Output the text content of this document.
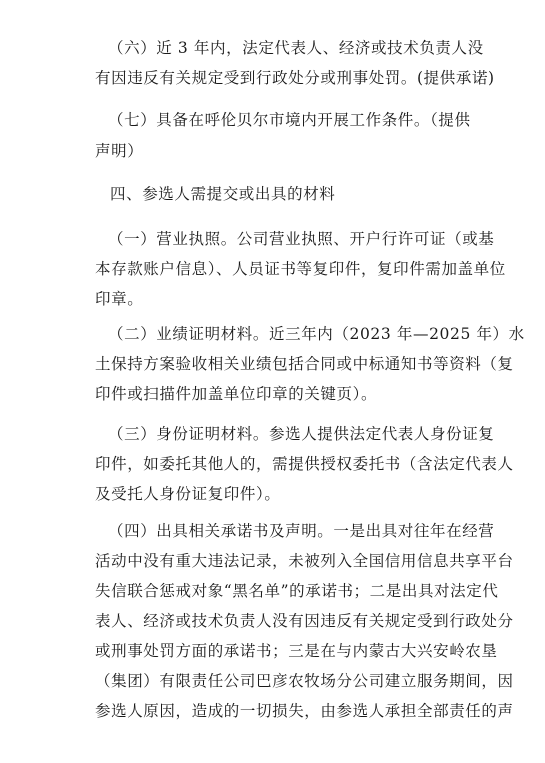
（六）近 3 年内，法定代表人、经济或技术负责人没
有因违反有关规定受到行政处分或刑事处罚。(提供承诺)
（七）具备在呼伦贝尔市境内开展工作条件。（提供
声明）
四、参选人需提交或出具的材料
（一）营业执照。公司营业执照、开户行许可证（或基
本存款账户信息）、人员证书等复印件，复印件需加盖单位
印章。
（二）业绩证明材料。近三年内（2023 年—2025 年）水
土保持方案验收相关业绩包括合同或中标通知书等资料（复
印件或扫描件加盖单位印章的关键页）。
（三）身份证明材料。参选人提供法定代表人身份证复
印件，如委托其他人的，需提供授权委托书（含法定代表人
及受托人身份证复印件）。
（四）出具相关承诺书及声明。一是出具对往年在经营
活动中没有重大违法记录，未被列入全国信用信息共享平台
失信联合惩戒对象“黑名单”的承诺书；二是出具对法定代
表人、经济或技术负责人没有因违反有关规定受到行政处分
或刑事处罚方面的承诺书；三是在与内蒙古大兴安岭农垦
（集团）有限责任公司巴彦农牧场分公司建立服务期间，因
参选人原因，造成的一切损失，由参选人承担全部责任的声
